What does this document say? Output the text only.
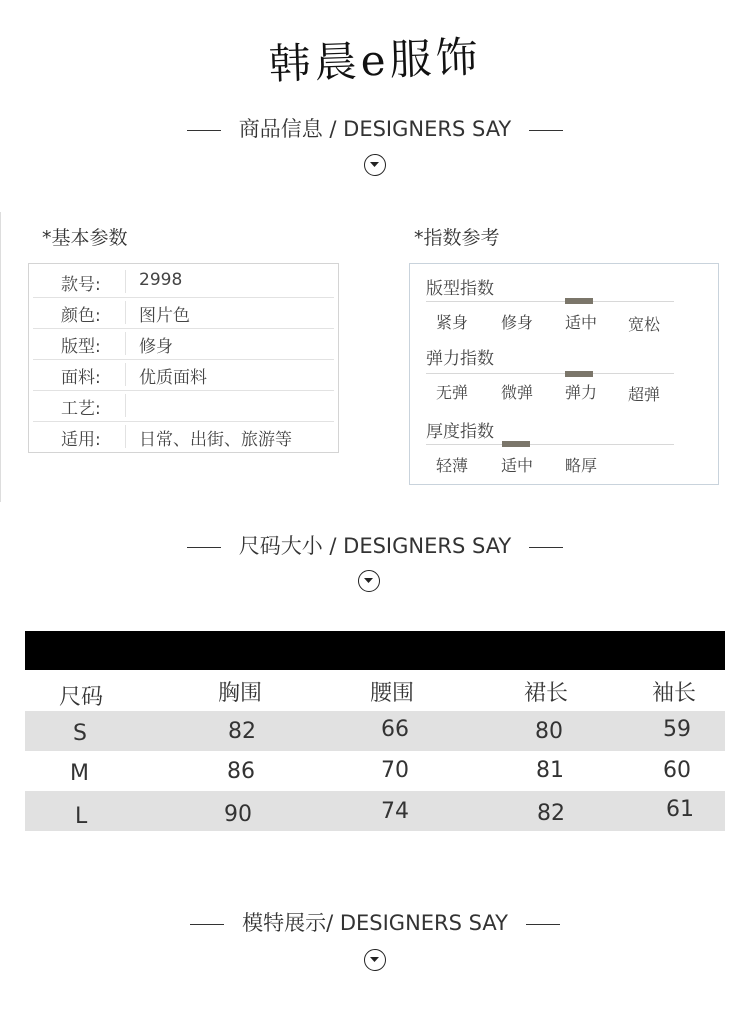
韩晨e服饰
商品信息 / DESIGNERS SAY
*基本参数	*指数参考
款号:	2998
颜色:	图片色
版型:	修身
面料:	优质面料
工艺:
适用:	日常、出街、旅游等
版型指数
紧身 修身 适中 宽松
弹力指数
无弹 微弹 弹力 超弹
厚度指数
轻薄 适中 略厚
尺码大小 / DESIGNERS SAY
尺码	胸围	腰围	裙长	袖长
S	82	66	80	59
M	86	70	81	60
L	90	74	82	61
模特展示/ DESIGNERS SAY
